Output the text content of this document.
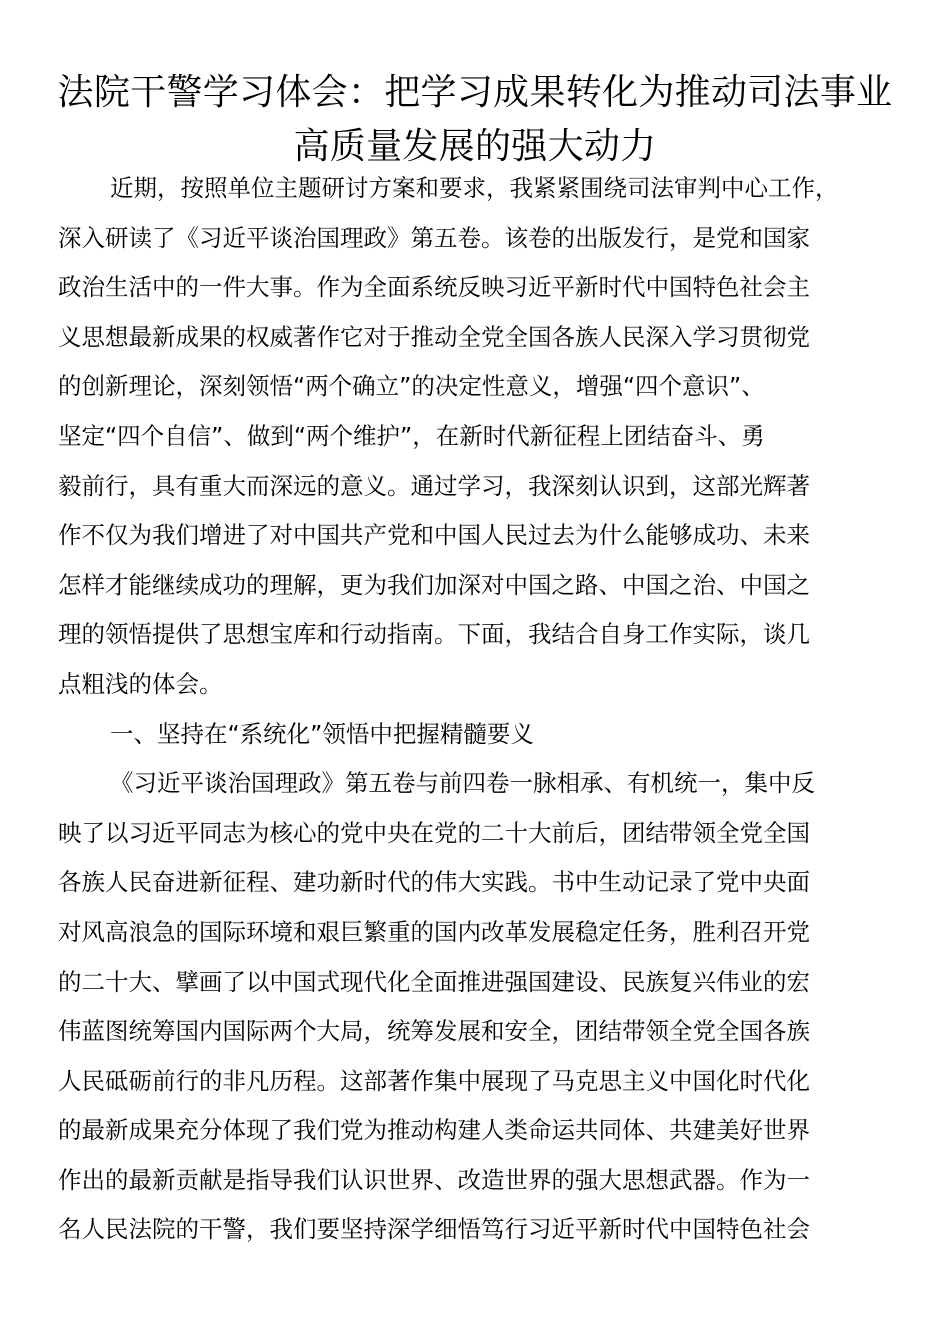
法院干警学习体会：把学习成果转化为推动司法事业
高质量发展的强大动力
近期，按照单位主题研讨方案和要求，我紧紧围绕司法审判中心工作，
深入研读了《习近平谈治国理政》第五卷。该卷的出版发行，是党和国家
政治生活中的一件大事。作为全面系统反映习近平新时代中国特色社会主
义思想最新成果的权威著作它对于推动全党全国各族人民深入学习贯彻党
的创新理论，深刻领悟“两个确立”的决定性意义，增强“四个意识”、
坚定“四个自信”、做到“两个维护”，在新时代新征程上团结奋斗、勇
毅前行，具有重大而深远的意义。通过学习，我深刻认识到，这部光辉著
作不仅为我们增进了对中国共产党和中国人民过去为什么能够成功、未来
怎样才能继续成功的理解，更为我们加深对中国之路、中国之治、中国之
理的领悟提供了思想宝库和行动指南。下面，我结合自身工作实际，谈几
点粗浅的体会。
一、坚持在“系统化”领悟中把握精髓要义
《习近平谈治国理政》第五卷与前四卷一脉相承、有机统一，集中反
映了以习近平同志为核心的党中央在党的二十大前后，团结带领全党全国
各族人民奋进新征程、建功新时代的伟大实践。书中生动记录了党中央面
对风高浪急的国际环境和艰巨繁重的国内改革发展稳定任务，胜利召开党
的二十大、擘画了以中国式现代化全面推进强国建设、民族复兴伟业的宏
伟蓝图统筹国内国际两个大局，统筹发展和安全，团结带领全党全国各族
人民砥砺前行的非凡历程。这部著作集中展现了马克思主义中国化时代化
的最新成果充分体现了我们党为推动构建人类命运共同体、共建美好世界
作出的最新贡献是指导我们认识世界、改造世界的强大思想武器。作为一
名人民法院的干警，我们要坚持深学细悟笃行习近平新时代中国特色社会
